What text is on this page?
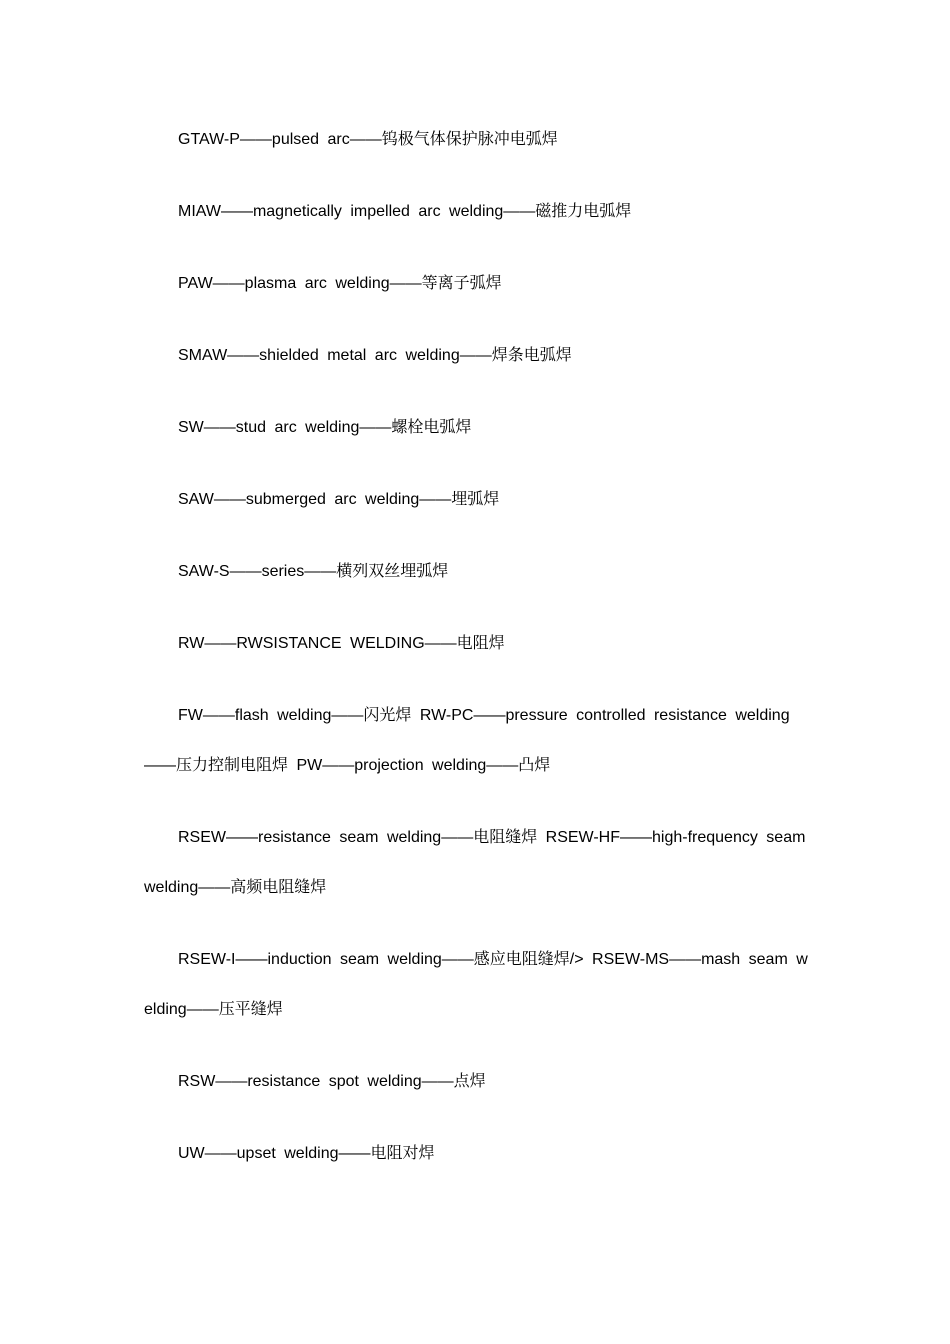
GTAW-P——pulsed arc——钨极气体保护脉冲电弧焊
MIAW——magnetically impelled arc welding——磁推力电弧焊
PAW——plasma arc welding——等离子弧焊
SMAW——shielded metal arc welding——焊条电弧焊
SW——stud arc welding——螺栓电弧焊
SAW——submerged arc welding——埋弧焊
SAW-S——series——横列双丝埋弧焊
RW——RWSISTANCE WELDING——电阻焊
FW——flash welding——闪光焊 RW-PC——pressure controlled resistance welding——压力控制电阻焊 PW——projection welding——凸焊
RSEW——resistance seam welding——电阻缝焊 RSEW-HF——high-frequency seam welding——高频电阻缝焊
RSEW-I——induction seam welding——感应电阻缝焊/> RSEW-MS——mash seam welding——压平缝焊
RSW——resistance spot welding——点焊
UW——upset welding——电阻对焊
